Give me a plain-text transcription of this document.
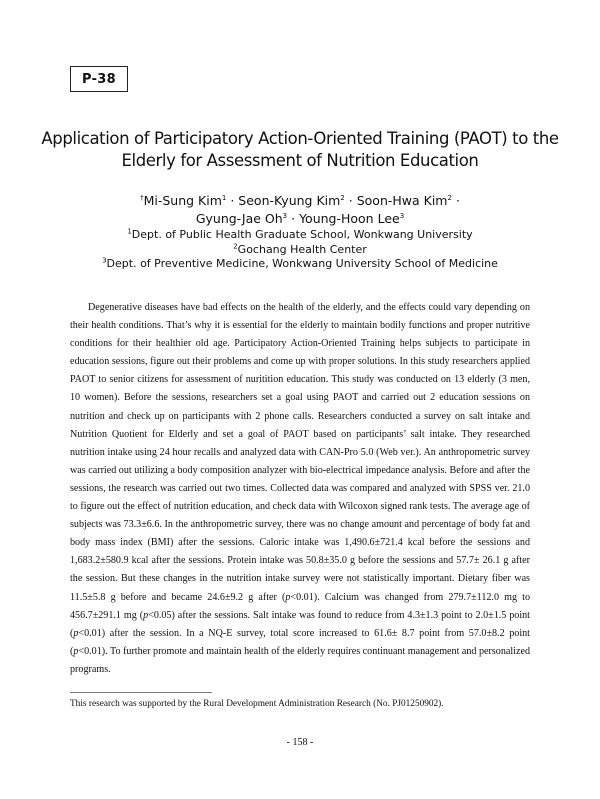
P-38
Application of Participatory Action-Oriented Training (PAOT) to the
Elderly for Assessment of Nutrition Education
†Mi-Sung Kim$^1$ · Seon-Kyung Kim$^2$ · Soon-Hwa Kim$^2$ ·
Gyung-Jae $Oh^3$ · Young-Hoon Lee$^3$
$^1$Dept. of Public Health Graduate School, Wonkwang University
$^2$Gochang Health Center
$^3$Dept. of Preventive Medicine, Wonkwang University School of Medicine

Degenerative diseases have bad effects on the health of the elderly, and the effects could vary depending on their health conditions. That’s why it is essential for the elderly to maintain bodily functions and proper nutritive conditions for their healthier old age. Participatory Action-Oriented Training helps subjects to participate in education sessions, figure out their problems and come up with proper solutions. In this study researchers applied PAOT to senior citizens for assessment of nuritition education. This study was conducted on 13 elderly (3 men, 10 women). Before the sessions, researchers set a goal using PAOT and carried out 2 education sessions on nutrition and check up on participants with 2 phone calls. Researchers conducted a survey on salt intake and Nutrition Quotient for Elderly and set a goal of PAOT based on participants’ salt intake. They researched nutrition intake using 24 hour recalls and analyzed data with CAN-Pro 5.0 (Web ver.). An anthropometric survey was carried out utilizing a body composition analyzer with bio-electrical impedance analysis. Before and after the sessions, the research was carried out two times. Collected data was compared and analyzed with SPSS ver. 21.0 to figure out the effect of nutrition education, and check data with Wilcoxon signed rank tests. The average age of subjects was 73.3±6.6. In the anthropometric survey, there was no change amount and percentage of body fat and body mass index (BMI) after the sessions. Caloric intake was 1,490.6±721.4 kcal before the sessions and 1,683.2±580.9 kcal after the sessions. Protein intake was 50.8±35.0 g before the sessions and 57.7± 26.1 g after the session. But these changes in the nutrition intake survey were not statistically important. Dietary fiber was 11.5±5.8 g before and became 24.6±9.2 g after (p<0.01). Calcium was changed from 279.7±112.0 mg to 456.7±291.1 mg (p<0.05) after the sessions. Salt intake was found to reduce from 4.3±1.3 point to 2.0±1.5 point (p<0.01) after the session. In a NQ-E survey, total score increased to 61.6± 8.7 point from 57.0±8.2 point (p<0.01). To further promote and maintain health of the elderly requires continuant management and personalized programs.

This research was supported by the Rural Development Administration Research (No. PJ01250902).
- 158 -
